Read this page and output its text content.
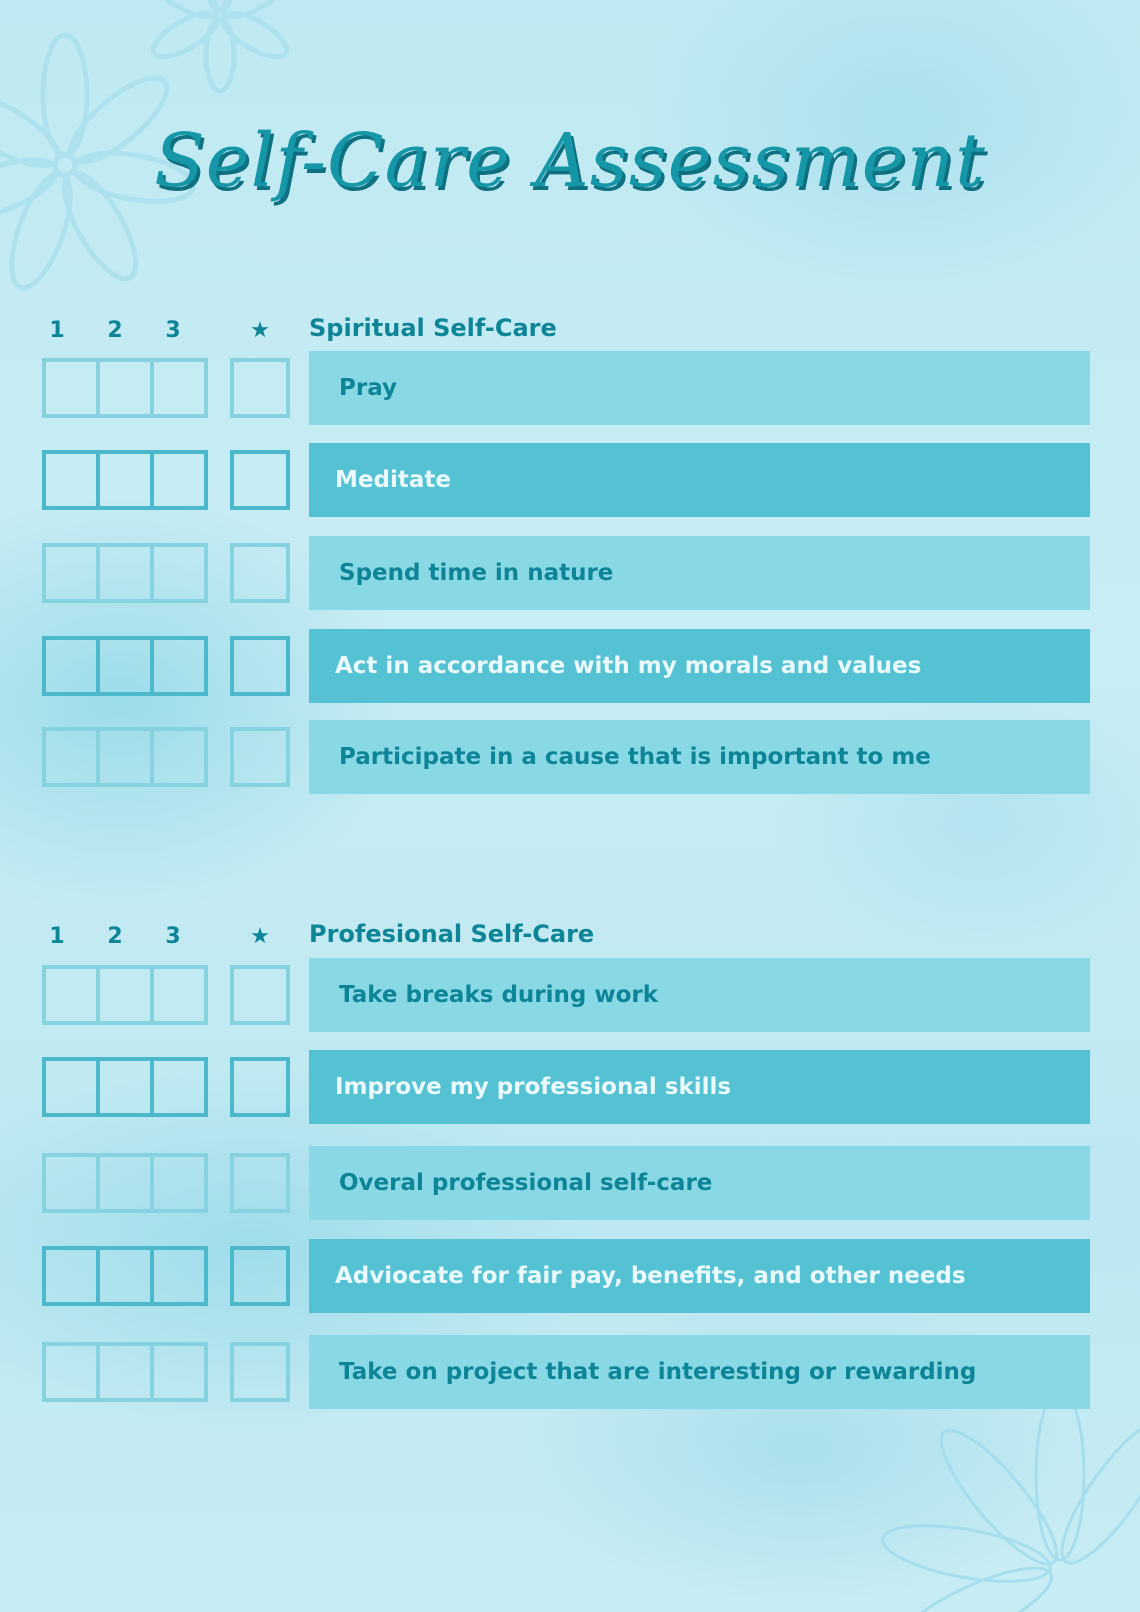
Self-Care Assessment
1	2	3	★ Spiritual Self-Care
Pray
Meditate
Spend time in nature
Act in accordance with my morals and values
Participate in a cause that is important to me
1	2	3	★ Profesional Self-Care
Take breaks during work
Improve my professional skills
Overal professional self-care
Adviocate for fair pay, benefits, and other needs
Take on project that are interesting or rewarding
